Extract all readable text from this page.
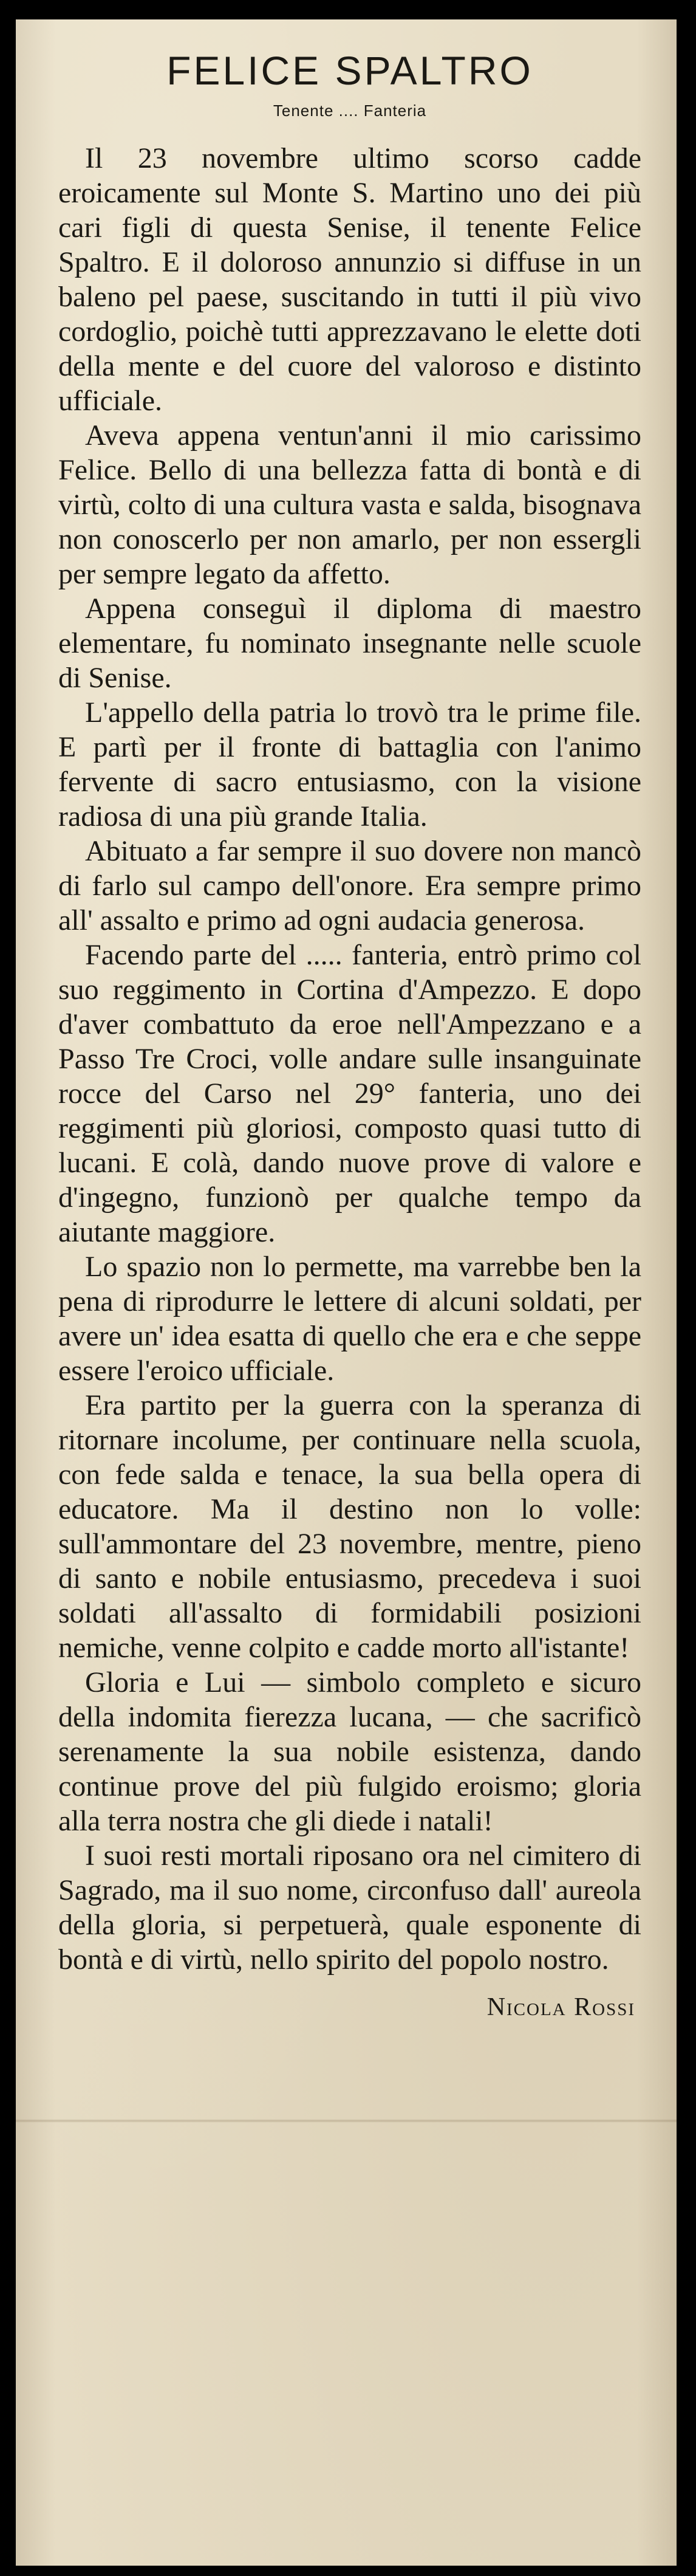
FELICE SPALTRO
Tenente .... Fanteria

Il 23 novembre ultimo scorso cadde eroicamente sul Monte S. Martino uno dei più cari figli di questa Senise, il tenente Felice Spaltro. E il doloroso annunzio si diffuse in un baleno pel paese, suscitando in tutti il più vivo cordoglio, poichè tutti apprezzavano le elette doti della mente e del cuore del valoroso e distinto ufficiale.

Aveva appena ventun'anni il mio carissimo Felice. Bello di una bellezza fatta di bontà e di virtù, colto di una cultura vasta e salda, bisognava non conoscerlo per non amarlo, per non essergli per sempre legato da affetto.

Appena conseguì il diploma di maestro elementare, fu nominato insegnante nelle scuole di Senise.

L'appello della patria lo trovò tra le prime file. E partì per il fronte di battaglia con l'animo fervente di sacro entusiasmo, con la visione radiosa di una più grande Italia.

Abituato a far sempre il suo dovere non mancò di farlo sul campo dell'onore. Era sempre primo all' assalto e primo ad ogni audacia generosa.

Facendo parte del ..... fanteria, entrò primo col suo reggimento in Cortina d'Ampezzo. E dopo d'aver combattuto da eroe nell'Ampezzano e a Passo Tre Croci, volle andare sulle insanguinate rocce del Carso nel 29° fanteria, uno dei reggimenti più gloriosi, composto quasi tutto di lucani. E colà, dando nuove prove di valore e d'ingegno, funzionò per qualche tempo da aiutante maggiore.

Lo spazio non lo permette, ma varrebbe ben la pena di riprodurre le lettere di alcuni soldati, per avere un' idea esatta di quello che era e che seppe essere l'eroico ufficiale.

Era partito per la guerra con la speranza di ritornare incolume, per continuare nella scuola, con fede salda e tenace, la sua bella opera di educatore. Ma il destino non lo volle: sull'ammontare del 23 novembre, mentre, pieno di santo e nobile entusiasmo, precedeva i suoi soldati all'assalto di formidabili posizioni nemiche, venne colpito e cadde morto all'istante!

Gloria e Lui — simbolo completo e sicuro della indomita fierezza lucana, — che sacrificò serenamente la sua nobile esistenza, dando continue prove del più fulgido eroismo; gloria alla terra nostra che gli diede i natali!

I suoi resti mortali riposano ora nel cimitero di Sagrado, ma il suo nome, circonfuso dall' aureola della gloria, si perpetuerà, quale esponente di bontà e di virtù, nello spirito del popolo nostro.

Nicola Rossi
